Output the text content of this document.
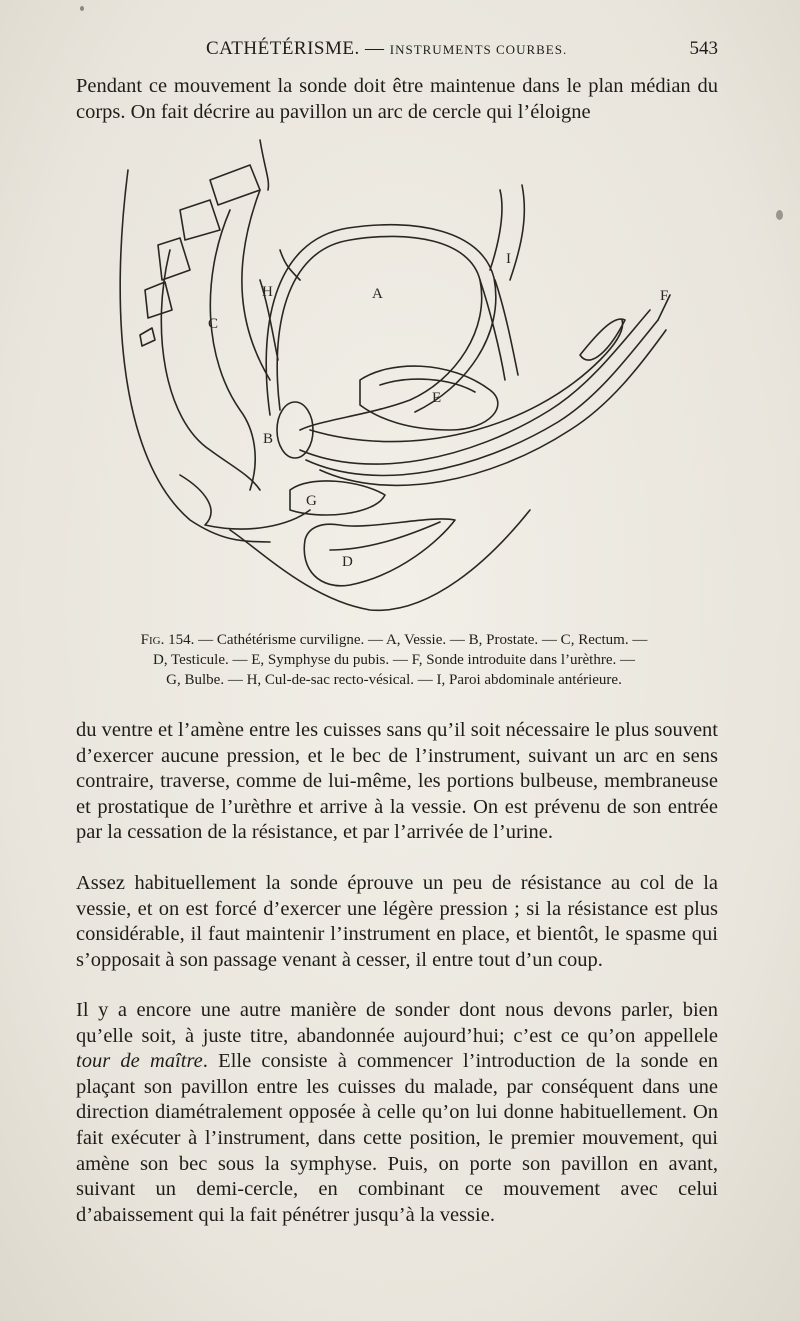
CATHÉTÉRISME. — INSTRUMENTS COURBES.	543

Pendant ce mouvement la sonde doit être maintenue dans le plan médian du corps. On fait décrire au pavillon un arc de cercle qui l’éloigne

A
B
C
D
E
F
G
H
I
Fig. 154. — Cathétérisme curviligne. — A, Vessie. — B, Prostate. — C, Rectum. —
D, Testicule. — E, Symphyse du pubis. — F, Sonde introduite dans l’urèthre. —
G, Bulbe. — H, Cul-de-sac recto-vésical. — I, Paroi abdominale antérieure.

du ventre et l’amène entre les cuisses sans qu’il soit nécessaire le plus souvent d’exercer aucune pression, et le bec de l’instrument, suivant un arc en sens contraire, traverse, comme de lui-même, les portions bulbeuse, membraneuse et prostatique de l’urèthre et arrive à la vessie. On est prévenu de son entrée par la cessation de la résistance, et par l’arrivée de l’urine.

Assez habituellement la sonde éprouve un peu de résistance au col de la vessie, et on est forcé d’exercer une légère pression ; si la résistance est plus considérable, il faut maintenir l’instrument en place, et bientôt, le spasme qui s’opposait à son passage venant à cesser, il entre tout d’un coup.

Il y a encore une autre manière de sonder dont nous devons parler, bien qu’elle soit, à juste titre, abandonnée aujourd’hui; c’est ce qu’on appellele tour de maître. Elle consiste à commencer l’introduction de la sonde en plaçant son pavillon entre les cuisses du malade, par conséquent dans une direction diamétralement opposée à celle qu’on lui donne habituellement. On fait exécuter à l’instrument, dans cette position, le premier mouvement, qui amène son bec sous la symphyse. Puis, on porte son pavillon en avant, suivant un demi-cercle, en combinant ce mouvement avec celui d’abaissement qui la fait pénétrer jusqu’à la vessie.
